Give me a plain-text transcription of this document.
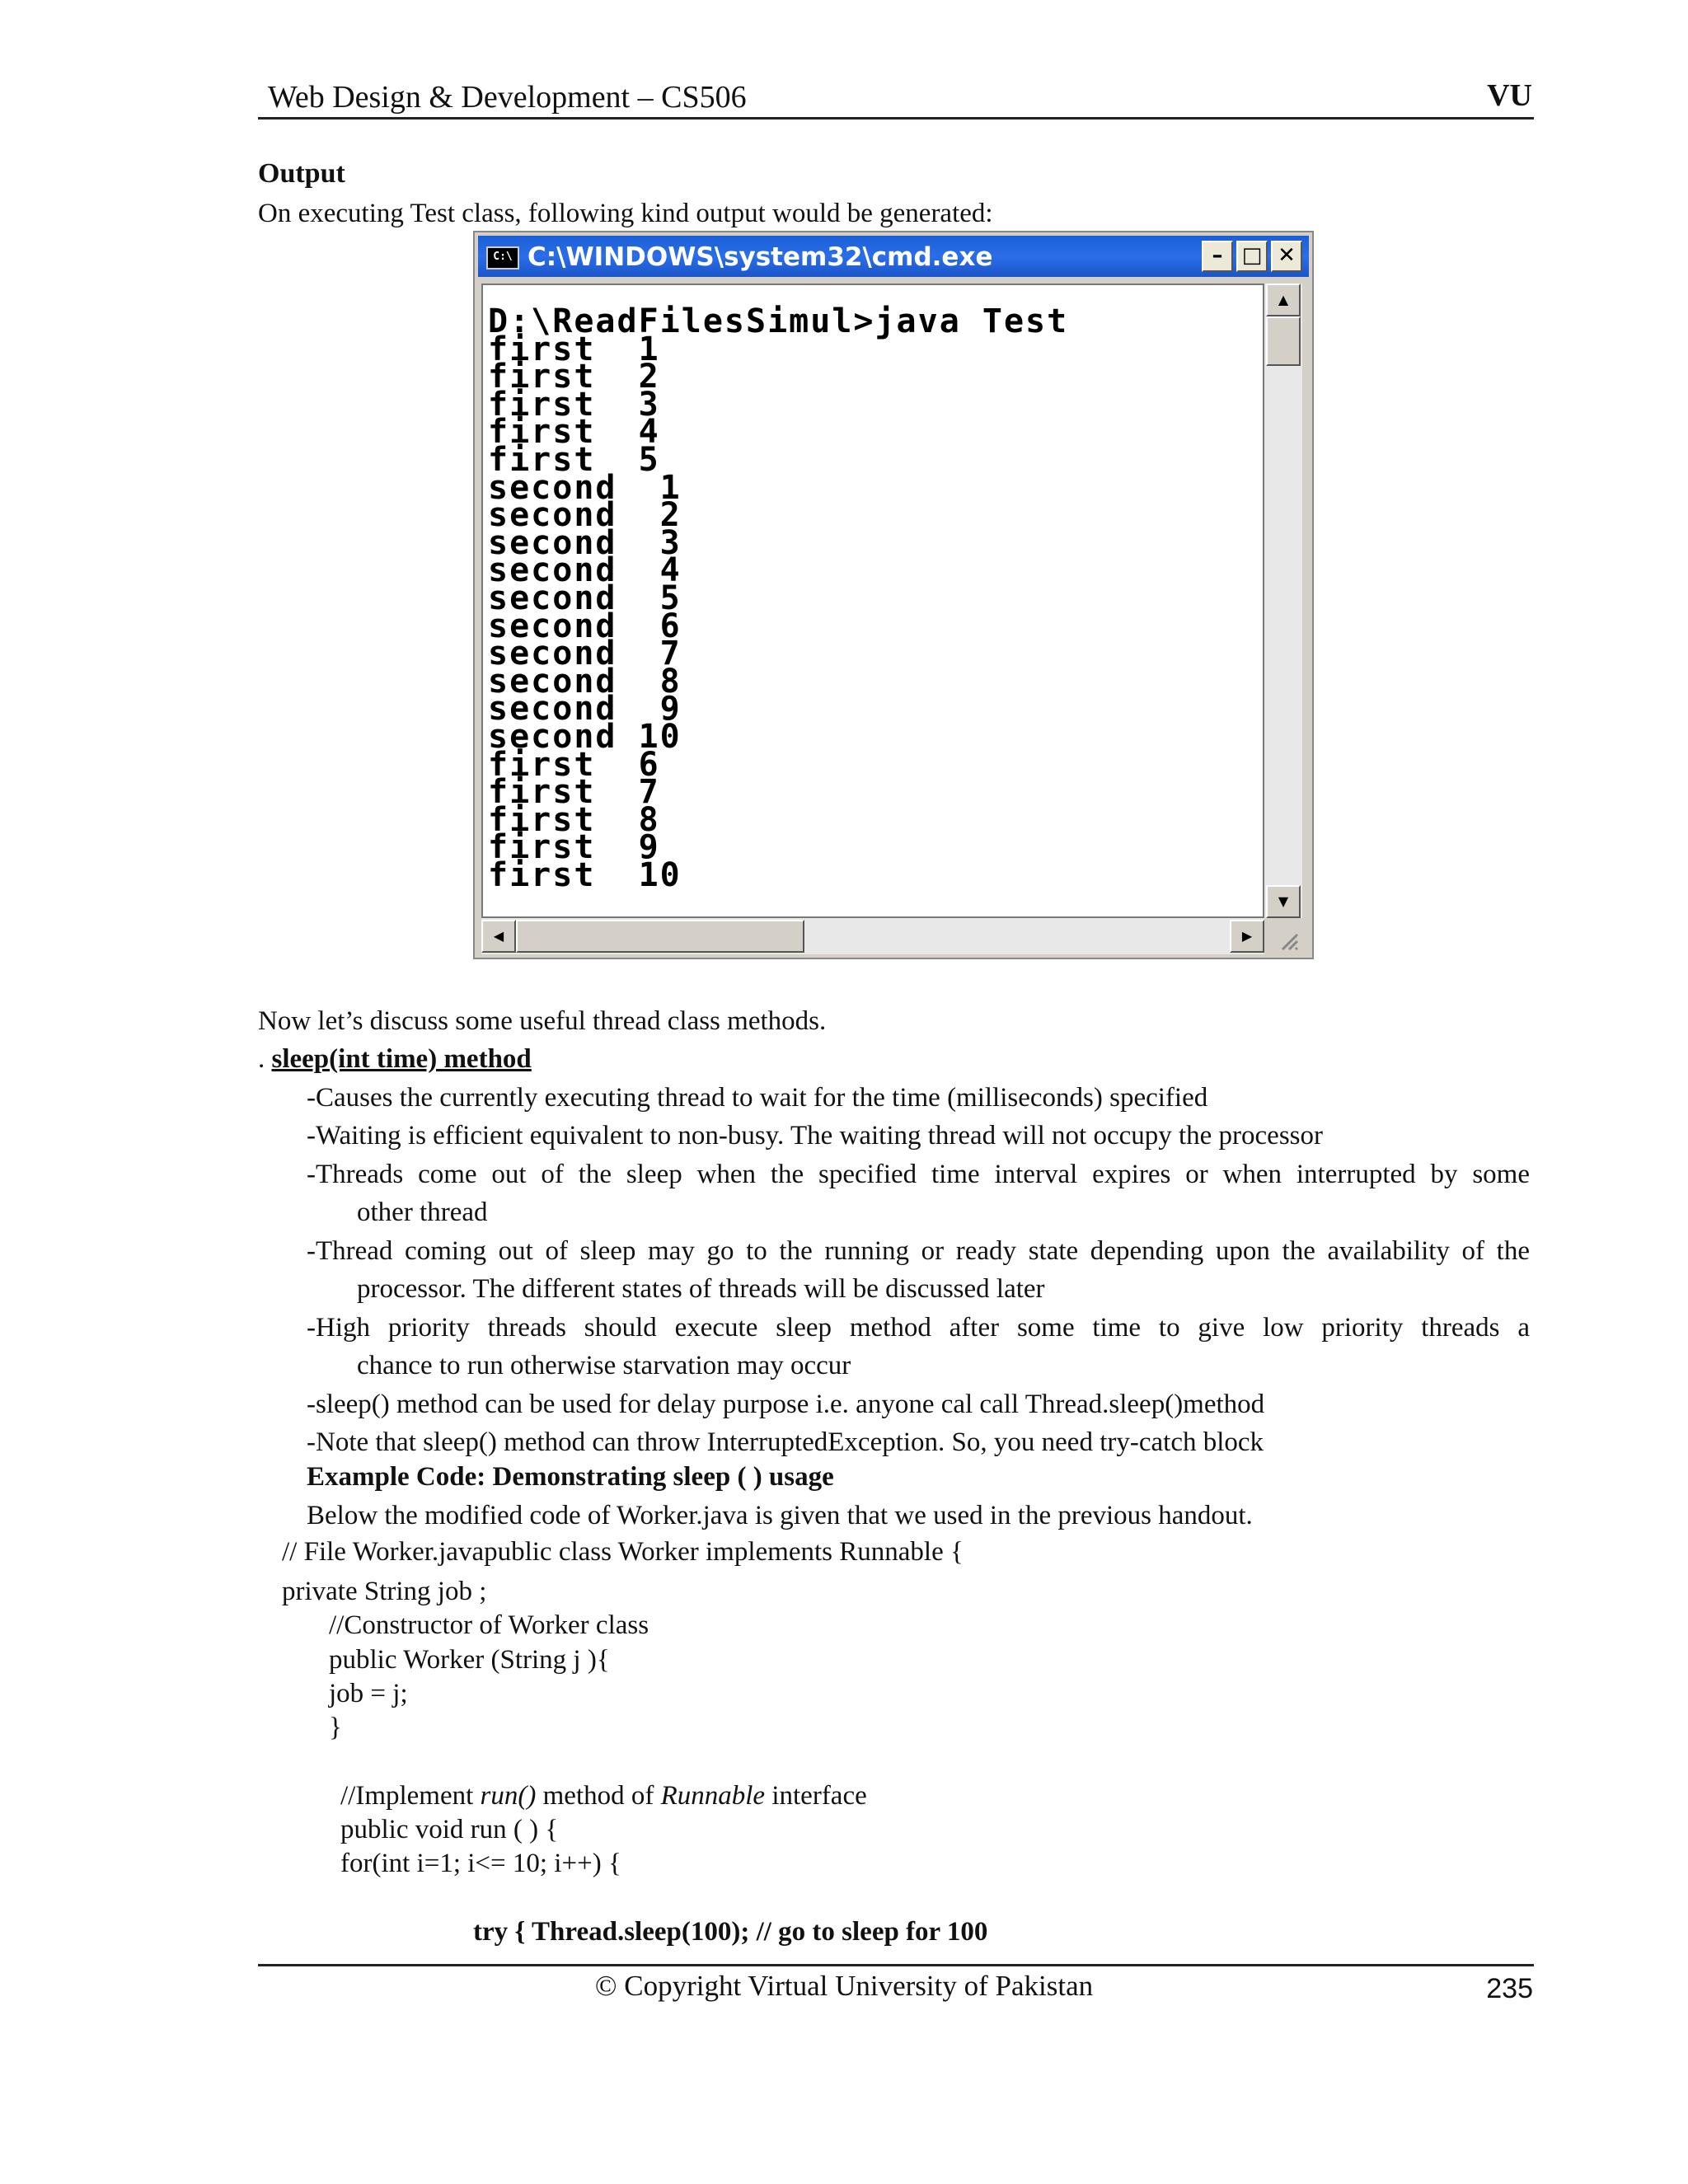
Web Design & Development – CS506	VU
Output
On executing Test class, following kind output would be generated:
C:\ C:\WINDOWS\system32\cmd.exe	– □ ✕
D:\ReadFilesSimul>java Test
first  1
first  2
first  3
first  4
first  5
second  1
second  2
second  3
second  4
second  5
second  6
second  7
second  8
second  9
second 10
first  6
first  7
first  8
first  9
first  10
▲
▼
◀	▶
Now let’s discuss some useful thread class methods.
. sleep(int time) method
-Causes the currently executing thread to wait for the time (milliseconds) specified
-Waiting is efficient equivalent to non-busy. The waiting thread will not occupy the processor
-Threads come out of the sleep when the specified time interval expires or when interrupted by some
other thread
-Thread coming out of sleep may go to the running or ready state depending upon the availability of the
processor. The different states of threads will be discussed later
-High priority threads should execute sleep method after some time to give low priority threads a
chance to run otherwise starvation may occur
-sleep() method can be used for delay purpose i.e. anyone cal call Thread.sleep()method
-Note that sleep() method can throw InterruptedException. So, you need try-catch block
Example Code: Demonstrating sleep ( ) usage
Below the modified code of Worker.java is given that we used in the previous handout.
// File Worker.javapublic class Worker implements Runnable {
private String job ;
//Constructor of Worker class
public Worker (String j ){
job = j;
}
//Implement run() method of Runnable interface
public void run ( ) {
for(int i=1; i<= 10; i++) {
try { Thread.sleep(100); // go to sleep for 100
© Copyright Virtual University of Pakistan	235
